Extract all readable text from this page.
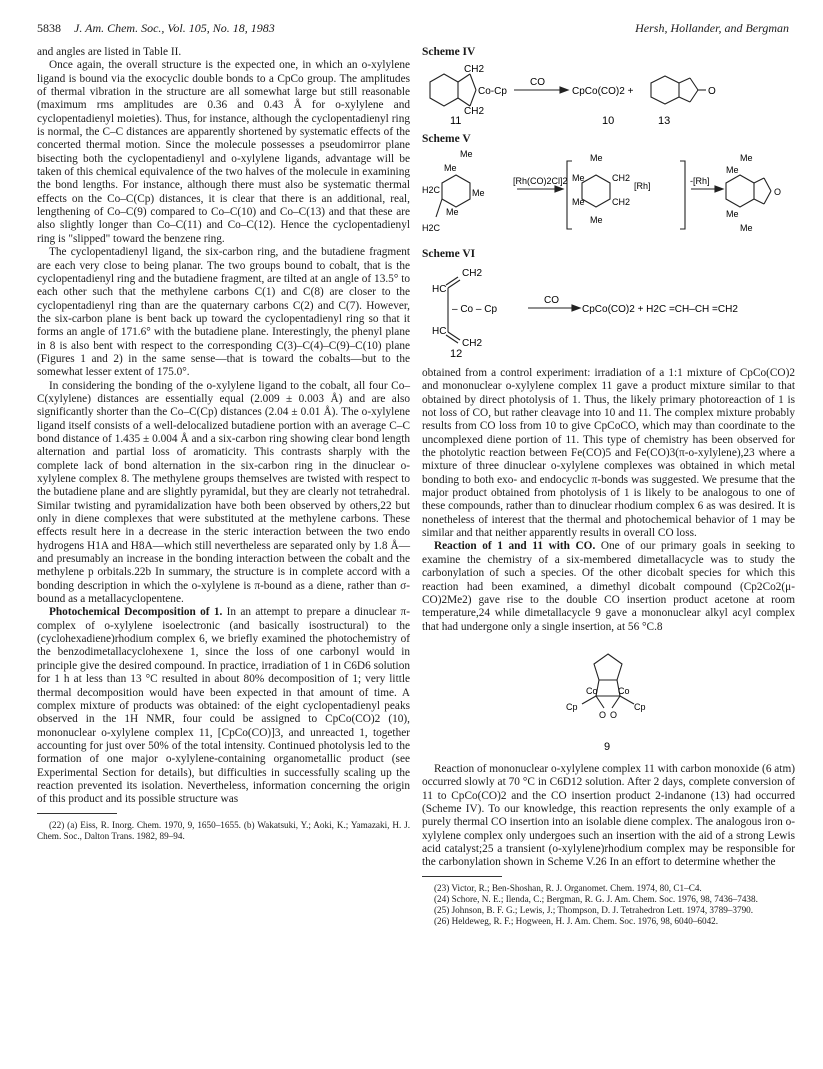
5838 J. Am. Chem. Soc., Vol. 105, No. 18, 1983	Hersh, Hollander, and Bergman

and angles are listed in Table II.

Once again, the overall structure is the expected one, in which an o-xylylene ligand is bound via the exocyclic double bonds to a CpCo group. The amplitudes of thermal vibration in the structure are all somewhat large but still reasonable (maximum rms amplitudes are 0.36 and 0.43 Å for o-xylylene and cyclopentadienyl moieties). Thus, for instance, although the cyclopentadienyl ring is normal, the C–C distances are apparently shortened by systematic effects of the concerted thermal motion. Since the molecule possesses a pseudomirror plane bisecting both the cyclopentadienyl and o-xylylene ligands, advantage will be taken of this chemical equivalence of the two halves of the molecule in examining the bond lengths. For instance, although there must also be systematic thermal effects on the Co–C(Cp) distances, it is clear that there is an additional, real, lengthening of Co–C(9) compared to Co–C(10) and Co–C(13) and that these are also slightly longer than Co–C(11) and Co–C(12). Hence the cyclopentadienyl ring is "slipped" toward the benzene ring.

The cyclopentadienyl ligand, the six-carbon ring, and the butadiene fragment are each very close to being planar. The two groups bound to cobalt, that is the cyclopentadienyl ring and the butadiene fragment, are tilted at an angle of 13.5° to each other such that the methylene carbons C(1) and C(8) are closer to the cyclopentadienyl ring than are the quaternary carbons C(2) and C(7). However, the six-carbon plane is bent back up toward the cyclopentadienyl ring so that it forms an angle of 171.6° with the butadiene plane. Interestingly, the phenyl plane in 8 is also bent with respect to the corresponding C(3)–C(4)–C(9)–C(10) plane (Figures 1 and 2) in the same sense—that is toward the cobalts—but to the somewhat lesser extent of 175.0°.

In considering the bonding of the o-xylylene ligand to the cobalt, all four Co–C(xylylene) distances are essentially equal (2.009 ± 0.003 Å) and are also significantly shorter than the Co–C(Cp) distances (2.04 ± 0.01 Å). The o-xylylene ligand itself consists of a well-delocalized butadiene portion with an average C–C bond distance of 1.435 ± 0.004 Å and a six-carbon ring showing clear bond length alternation and partial loss of aromaticity. This contrasts sharply with the complete lack of bond alternation in the six-carbon ring in the dinuclear o-xylylene complex 8. The methylene groups themselves are twisted with respect to the butadiene plane and are slightly pyramidal, but they are clearly not tetrahedral. Similar twisting and pyramidalization have both been observed by others,22 but only in diene complexes that were substituted at the methylene carbons. These effects result here in a decrease in the steric interaction between the two endo hydrogens H1A and H8A—which still nevertheless are separated only by 1.8 Å—and presumably an increase in the bonding interaction between the cobalt and the methylene p orbitals.22b In summary, the structure is in complete accord with a bonding description in which the o-xylylene is π-bound as a diene, rather than σ-bound as a metallacyclopentene.

Photochemical Decomposition of 1. In an attempt to prepare a dinuclear π-complex of o-xylylene isoelectronic (and basically isostructural) to the (cyclohexadiene)rhodium complex 6, we briefly examined the photochemistry of the benzodimetallacyclohexene 1, since the loss of one carbonyl would in principle give the desired compound. In practice, irradiation of 1 in C6D6 solution for 1 h at less than 13 °C resulted in about 80% decomposition of 1; very little thermal decomposition would have been expected in that amount of time. A complex mixture of products was obtained: of the eight cyclopentadienyl peaks observed in the 1H NMR, four could be assigned to CpCo(CO)2 (10), mononuclear o-xylylene complex 11, [CpCo(CO)]3, and unreacted 1, together accounting for just over 50% of the total intensity. Continued photolysis led to the formation of one major o-xylylene-containing organometallic product (see Experimental Section for details), but difficulties in successfully scaling up the reaction prevented its isolation. Nevertheless, information concerning the origin of this product and its possible structure was

(22) (a) Eiss, R. Inorg. Chem. 1970, 9, 1650–1655. (b) Wakatsuki, Y.; Aoki, K.; Yamazaki, H. J. Chem. Soc., Dalton Trans. 1982, 89–94.

Scheme IV

CH2
CH2
Co-Cp
CO
CpCo(CO)2 +	O
11	10	13

Scheme V

Me
Me
H2C	Me
Me
H2C
[Rh(CO)2Cl]2
Me
Me	CH2
[Rh]
Me	CH2
Me
-[Rh]
Me
Me
O
Me
Me

Scheme VI

CH2
HC
– Co – Cp
HC
CH2
CO
CpCo(CO)2 + H2C =CH–CH =CH2
12

obtained from a control experiment: irradiation of a 1:1 mixture of CpCo(CO)2 and mononuclear o-xylylene complex 11 gave a product mixture similar to that obtained by direct photolysis of 1. Thus, the likely primary photoreaction of 1 is not loss of CO, but rather cleavage into 10 and 11. The complex mixture probably results from CO loss from 10 to give CpCoCO, which may than coordinate to the uncomplexed diene portion of 11. This type of chemistry has been observed for the photolytic reaction between Fe(CO)5 and Fe(CO)3(π-o-xylylene),23 where a mixture of three dinuclear o-xylylene complexes was obtained in which metal bonding to both exo- and endocyclic π-bonds was suggested. We presume that the major product obtained from photolysis of 1 is likely to be analogous to one of these compounds, rather than to dinuclear rhodium complex 6 as was desired. It is nonetheless of interest that the thermal and photochemical behavior of 1 may be similar and that neither apparently results in overall CO loss.

Reaction of 1 and 11 with CO. One of our primary goals in seeking to examine the chemistry of a six-membered dimetallacycle was to study the carbonylation of such a species. Of the other dicobalt species for which this reaction had been examined, a dimethyl dicobalt compound (Cp2Co2(μ-CO)2Me2) gave rise to the double CO insertion product acetone at room temperature,24 while dimetallacycle 9 gave a mononuclear alkyl acyl complex that had undergone only a single insertion, at 56 °C.8

Co Co
Cp	Cp
O O
9

Reaction of mononuclear o-xylylene complex 11 with carbon monoxide (6 atm) occurred slowly at 70 °C in C6D12 solution. After 2 days, complete conversion of 11 to CpCo(CO)2 and the CO insertion product 2-indanone (13) had occurred (Scheme IV). To our knowledge, this reaction represents the only example of a purely thermal CO insertion into an isolable diene complex. The analogous iron o-xylylene complex only undergoes such an insertion with the aid of a strong Lewis acid catalyst;25 a transient (o-xylylene)rhodium complex may be responsible for the carbonylation shown in Scheme V.26 In an effort to determine whether the

(23) Victor, R.; Ben-Shoshan, R. J. Organomet. Chem. 1974, 80, C1–C4.

(24) Schore, N. E.; Ilenda, C.; Bergman, R. G. J. Am. Chem. Soc. 1976, 98, 7436–7438.

(25) Johnson, B. F. G.; Lewis, J.; Thompson, D. J. Tetrahedron Lett. 1974, 3789–3790.

(26) Heldeweg, R. F.; Hogween, H. J. Am. Chem. Soc. 1976, 98, 6040–6042.
